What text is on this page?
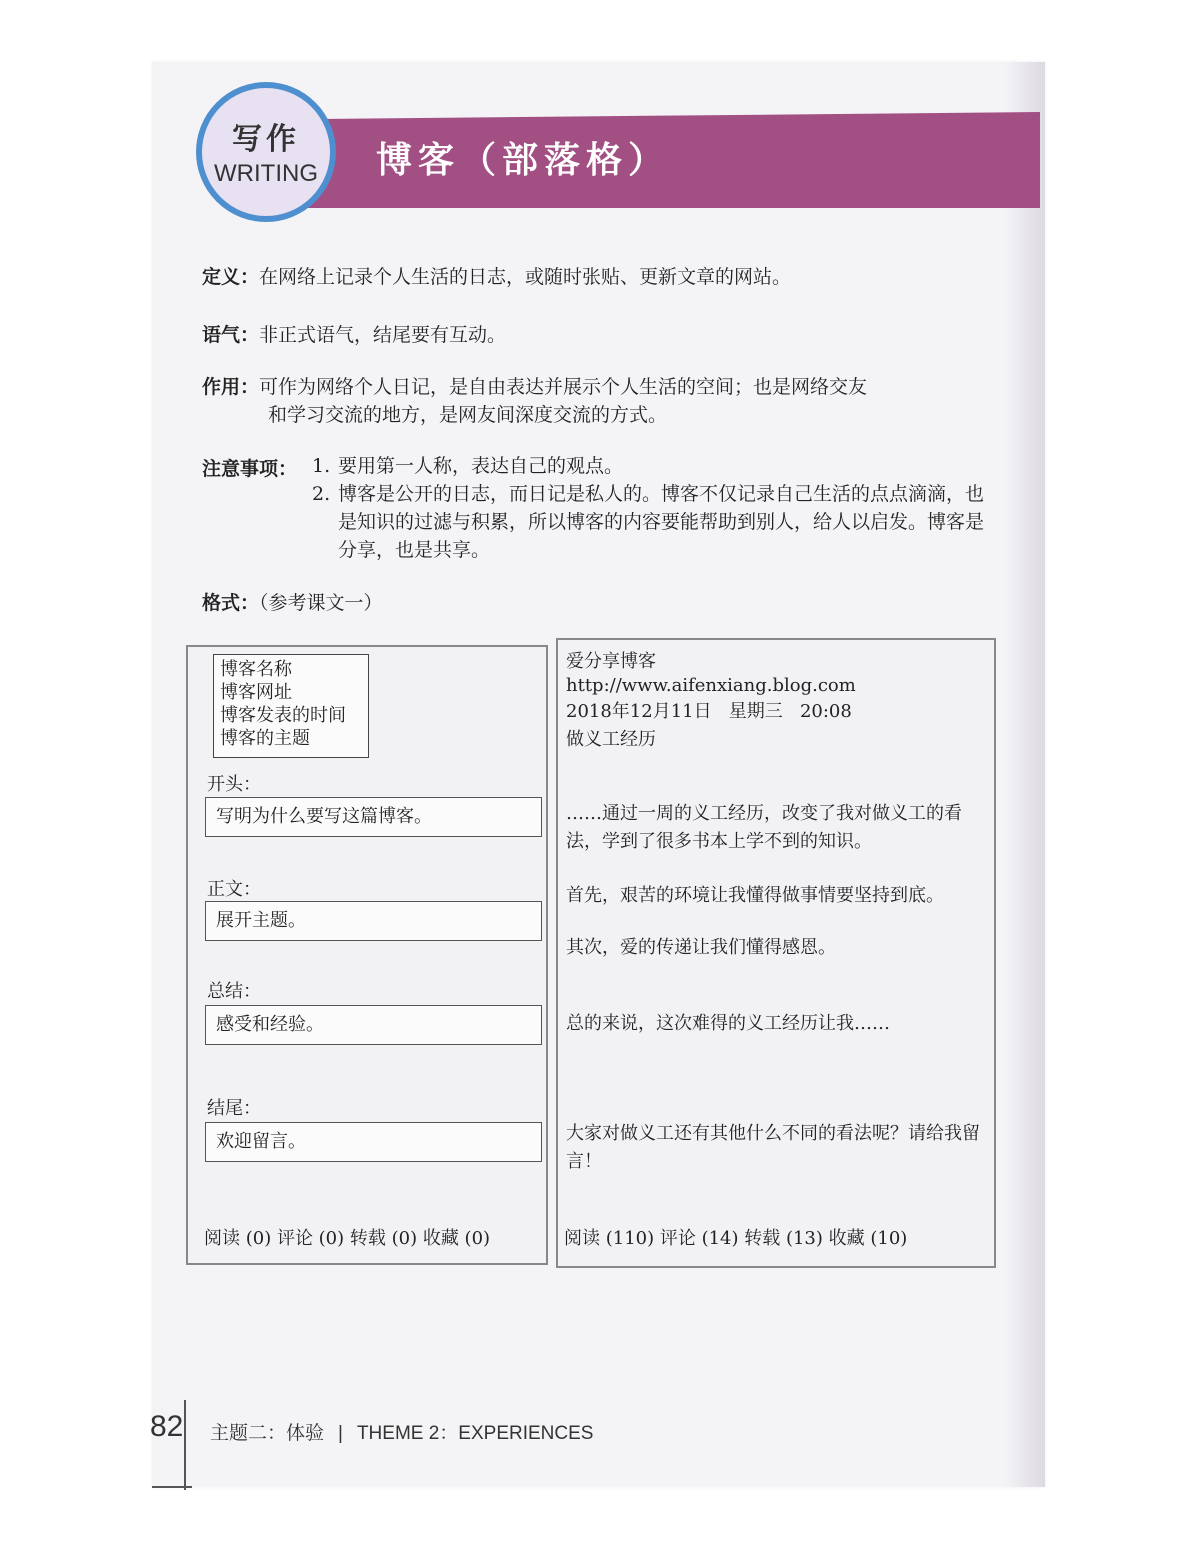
博客（部落格）
写作
WRITING
定义：在网络上记录个人生活的日志，或随时张贴、更新文章的网站。
语气：非正式语气，结尾要有互动。
作用：可作为网络个人日记，是自由表达并展示个人生活的空间；也是网络交友
和学习交流的地方，是网友间深度交流的方式。
注意事项： 1. 要用第一人称，表达自己的观点。
2. 博客是公开的日志，而日记是私人的。博客不仅记录自己生活的点点滴滴，也是知识的过滤与积累，所以博客的内容要能帮助到别人，给人以启发。博客是分享，也是共享。
格式：（参考课文一）
博客名称
博客网址
博客发表的时间
博客的主题
开头：
写明为什么要写这篇博客。
正文：
展开主题。
总结：
感受和经验。
结尾：
欢迎留言。
阅读 (0) 评论 (0) 转载 (0) 收藏 (0)
爱分享博客
http://www.aifenxiang.blog.com
2018年12月11日   星期三   20:08
做义工经历
……通过一周的义工经历，改变了我对做义工的看法，学到了很多书本上学不到的知识。
首先，艰苦的环境让我懂得做事情要坚持到底。
其次，爱的传递让我们懂得感恩。
总的来说，这次难得的义工经历让我……
大家对做义工还有其他什么不同的看法呢？请给我留言！
阅读 (110) 评论 (14) 转载 (13) 收藏 (10)
82 主题二：体验 | THEME 2：EXPERIENCES
